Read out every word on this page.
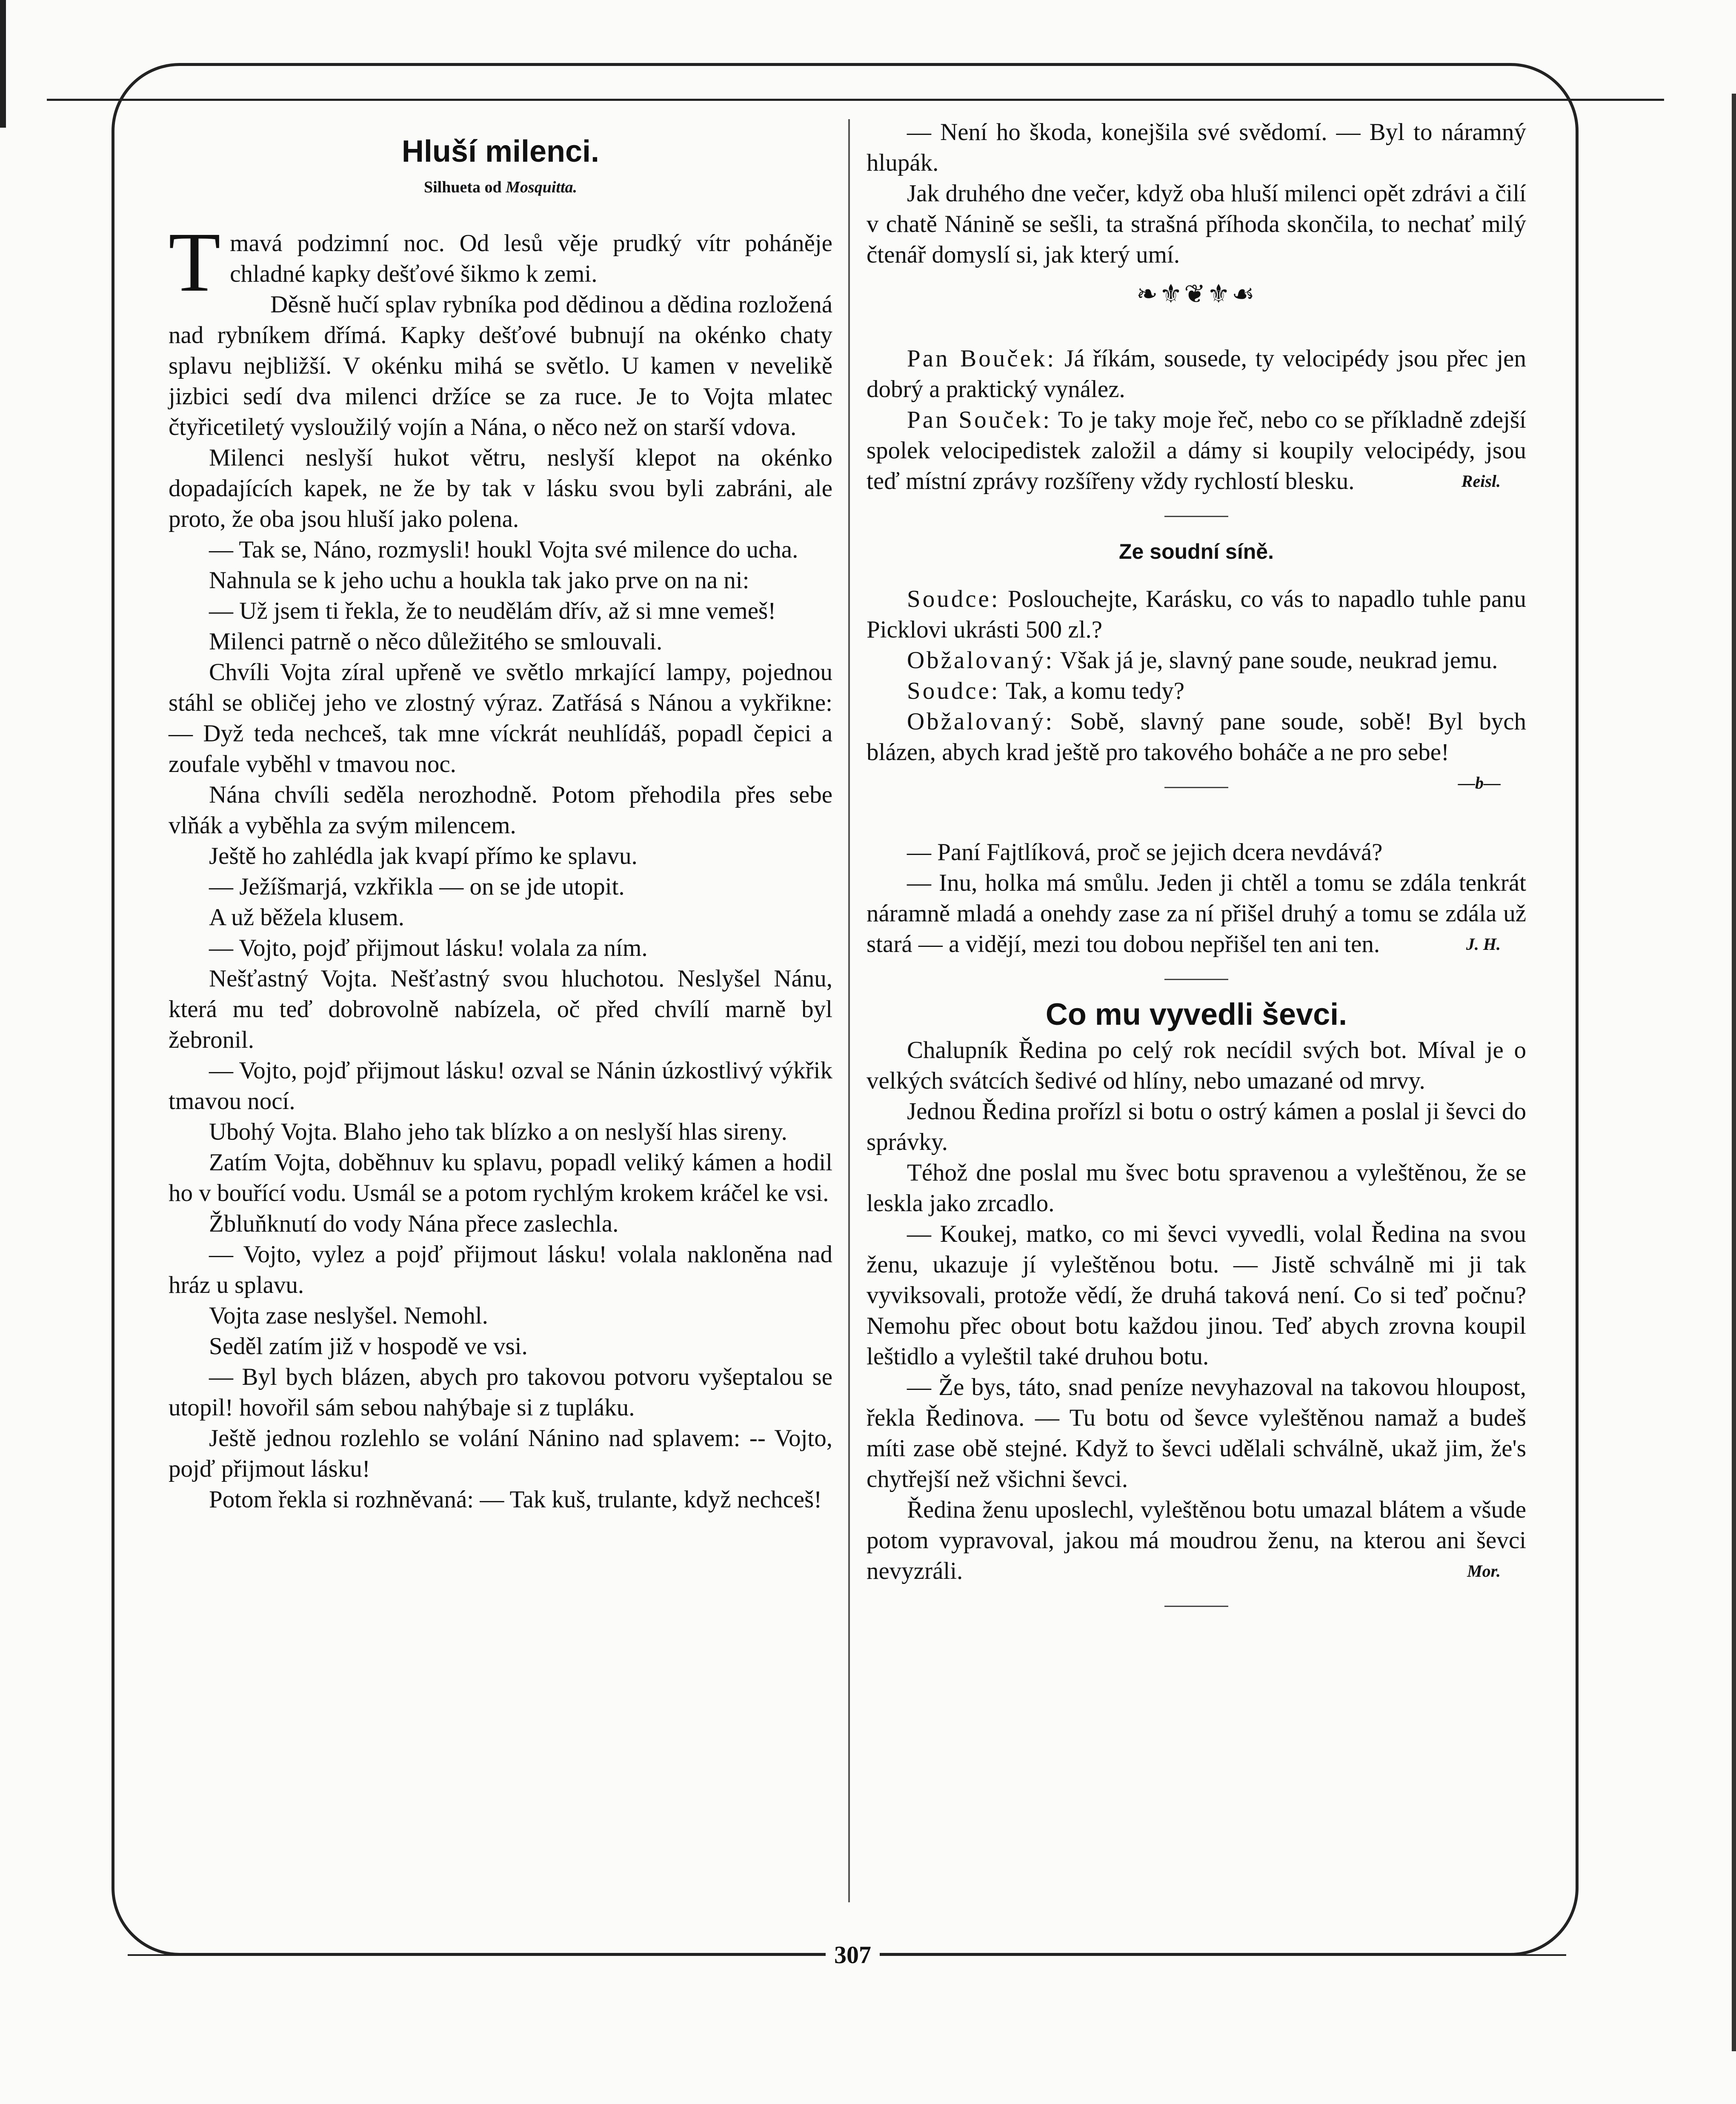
Hluší milenci.
Silhueta od Mosquitta.

T mavá podzimní noc. Od lesů věje prudký vítr poháněje chladné kapky dešťové šikmo k zemi.

Děsně hučí splav rybníka pod dědinou a dědina rozložená nad rybníkem dřímá. Kapky dešťové bubnují na okénko chaty splavu nejbližší. V okénku mihá se světlo. U kamen v nevelikě jizbici sedí dva milenci držíce se za ruce. Je to Vojta mlatec čtyřicetiletý vysloužilý vojín a Nána, o něco než on starší vdova.

Milenci neslyší hukot větru, neslyší klepot na okénko dopadajících kapek, ne že by tak v lásku svou byli zabráni, ale proto, že oba jsou hluší jako polena.

— Tak se, Náno, rozmysli! houkl Vojta své milence do ucha.

Nahnula se k jeho uchu a houkla tak jako prve on na ni:

— Už jsem ti řekla, že to neudělám dřív, až si mne vemeš!

Milenci patrně o něco důležitého se smlouvali.

Chvíli Vojta zíral upřeně ve světlo mrkající lampy, pojednou stáhl se obličej jeho ve zlostný výraz. Zatřásá s Nánou a vykřikne: — Dyž teda nechceš, tak mne víckrát neuhlídáš, popadl čepici a zoufale vyběhl v tmavou noc.

Nána chvíli seděla nerozhodně. Potom přehodila přes sebe vlňák a vyběhla za svým milencem.

Ještě ho zahlédla jak kvapí přímo ke splavu.

— Ježíšmarjá, vzkřikla — on se jde utopit.

A už běžela klusem.

— Vojto, pojď přijmout lásku! volala za ním.

Nešťastný Vojta. Nešťastný svou hluchotou. Neslyšel Nánu, která mu teď dobrovolně nabízela, oč před chvílí marně byl žebronil.

— Vojto, pojď přijmout lásku! ozval se Nánin úzkostlivý výkřik tmavou nocí.

Ubohý Vojta. Blaho jeho tak blízko a on neslyší hlas sireny.

Zatím Vojta, doběhnuv ku splavu, popadl veliký kámen a hodil ho v bouřící vodu. Usmál se a potom rychlým krokem kráčel ke vsi.

Žbluňknutí do vody Nána přece zaslechla.

— Vojto, vylez a pojď přijmout lásku! volala nakloněna nad hráz u splavu.

Vojta zase neslyšel. Nemohl.

Seděl zatím již v hospodě ve vsi.

— Byl bych blázen, abych pro takovou potvoru vyšeptalou se utopil! hovořil sám sebou nahýbaje si z tupláku.

Ještě jednou rozlehlo se volání Nánino nad splavem: -- Vojto, pojď přijmout lásku!

Potom řekla si rozhněvaná: — Tak kuš, trulante, když nechceš!

— Není ho škoda, konejšila své svědomí. — Byl to náramný hlupák.

Jak druhého dne večer, když oba hluší milenci opět zdrávi a čilí v chatě Nánině se sešli, ta strašná příhoda skončila, to nechať milý čtenář domyslí si, jak který umí.

❧⚜❦⚜☙

Pan Bouček: Já říkám, sousede, ty velocipédy jsou přec jen dobrý a praktický vynález.

Pan Souček: To je taky moje řeč, nebo co se příkladně zdejší spolek velocipedistek založil a dámy si koupily velocipédy, jsou teď místní zprávy rozšířeny vždy rychlostí blesku.	Reisl.

Ze soudní síně.

Soudce: Poslouchejte, Karásku, co vás to napadlo tuhle panu Picklovi ukrásti 500 zl.?

Obžalovaný: Však já je, slavný pane soude, neukrad jemu.

Soudce: Tak, a komu tedy?

Obžalovaný: Sobě, slavný pane soude, sobě! Byl bych blázen, abych krad ještě pro takového boháče a ne pro sebe!
—b—

— Paní Fajtlíková, proč se jejich dcera nevdává?

— Inu, holka má smůlu. Jeden ji chtěl a tomu se zdála tenkrát náramně mladá a onehdy zase za ní přišel druhý a tomu se zdála už stará — a vidějí, mezi tou dobou nepřišel ten ani ten.	J. H.

Co mu vyvedli ševci.

Chalupník Ředina po celý rok necídil svých bot. Míval je o velkých svátcích šedivé od hlíny, nebo umazané od mrvy.

Jednou Ředina prořízl si botu o ostrý kámen a poslal ji ševci do správky.

Téhož dne poslal mu švec botu spravenou a vyleštěnou, že se leskla jako zrcadlo.

— Koukej, matko, co mi ševci vyvedli, volal Ředina na svou ženu, ukazuje jí vyleštěnou botu. — Jistě schválně mi ji tak vyviksovali, protože vědí, že druhá taková není. Co si teď počnu? Nemohu přec obout botu každou jinou. Teď abych zrovna koupil leštidlo a vyleštil také druhou botu.

— Že bys, táto, snad peníze nevyhazoval na takovou hloupost, řekla Ředinova. — Tu botu od ševce vyleštěnou namaž a budeš míti zase obě stejné. Když to ševci udělali schválně, ukaž jim, že's chytřejší než všichni ševci.

Ředina ženu uposlechl, vyleštěnou botu umazal blátem a všude potom vypravoval, jakou má moudrou ženu, na kterou ani ševci nevyzráli.	Mor.

307
